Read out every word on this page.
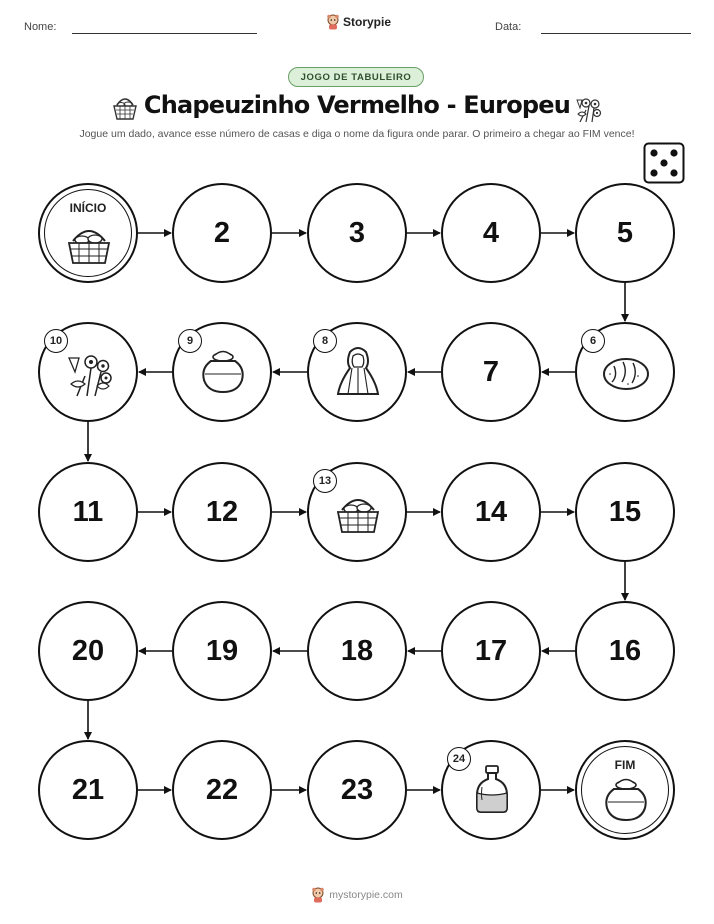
Nome:	Storypie	Data:
JOGO DE TABULEIRO
Chapeuzinho Vermelho - Europeu
Jogue um dado, avance esse número de casas e diga o nome da figura onde parar. O primeiro a chegar ao FIM vence!
INÍCIO
2	3	4	5
6
7
8
9
10
11	12
13
14	15
16
17
18
19
20
21	22	23
24	FIM
mystorypie.com
